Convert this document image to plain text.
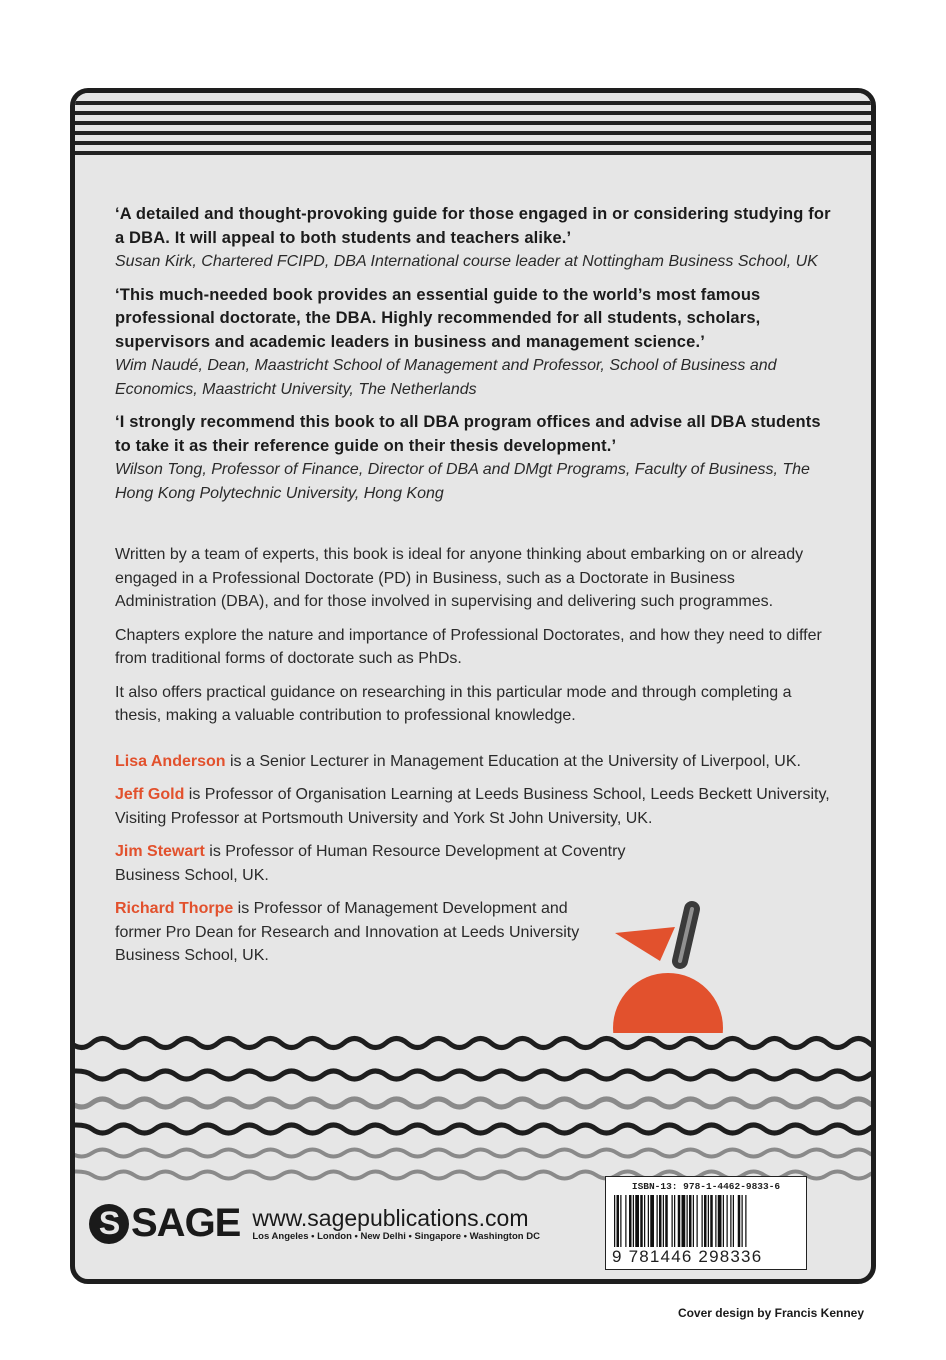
‘A detailed and thought-provoking guide for those engaged in or considering studying for a DBA. It will appeal to both students and teachers alike.’
Susan Kirk, Chartered FCIPD, DBA International course leader at Nottingham Business School, UK
‘This much-needed book provides an essential guide to the world’s most famous professional doctorate, the DBA. Highly recommended for all students, scholars, supervisors and academic leaders in business and management science.’
Wim Naudé, Dean, Maastricht School of Management and Professor, School of Business and Economics, Maastricht University, The Netherlands
‘I strongly recommend this book to all DBA program offices and advise all DBA students to take it as their reference guide on their thesis development.’
Wilson Tong, Professor of Finance, Director of DBA and DMgt Programs, Faculty of Business, The Hong Kong Polytechnic University, Hong Kong

Written by a team of experts, this book is ideal for anyone thinking about embarking on or already engaged in a Professional Doctorate (PD) in Business, such as a Doctorate in Business Administration (DBA), and for those involved in supervising and delivering such programmes.

Chapters explore the nature and importance of Professional Doctorates, and how they need to differ from traditional forms of doctorate such as PhDs.

It also offers practical guidance on researching in this particular mode and through completing a thesis, making a valuable contribution to professional knowledge.

Lisa Anderson is a Senior Lecturer in Management Education at the University of Liverpool, UK.

Jeff Gold is Professor of Organisation Learning at Leeds Business School, Leeds Beckett University, Visiting Professor at Portsmouth University and York St John University, UK.

Jim Stewart is Professor of Human Resource Development at Coventry Business School, UK.

Richard Thorpe is Professor of Management Development and former Pro Dean for Research and Innovation at Leeds University Business School, UK.

S SAGE www.sagepublications.com
Los Angeles • London • New Delhi • Singapore • Washington DC
ISBN-13: 978-1-4462-9833-6
9 781446 298336
Cover design by Francis Kenney
